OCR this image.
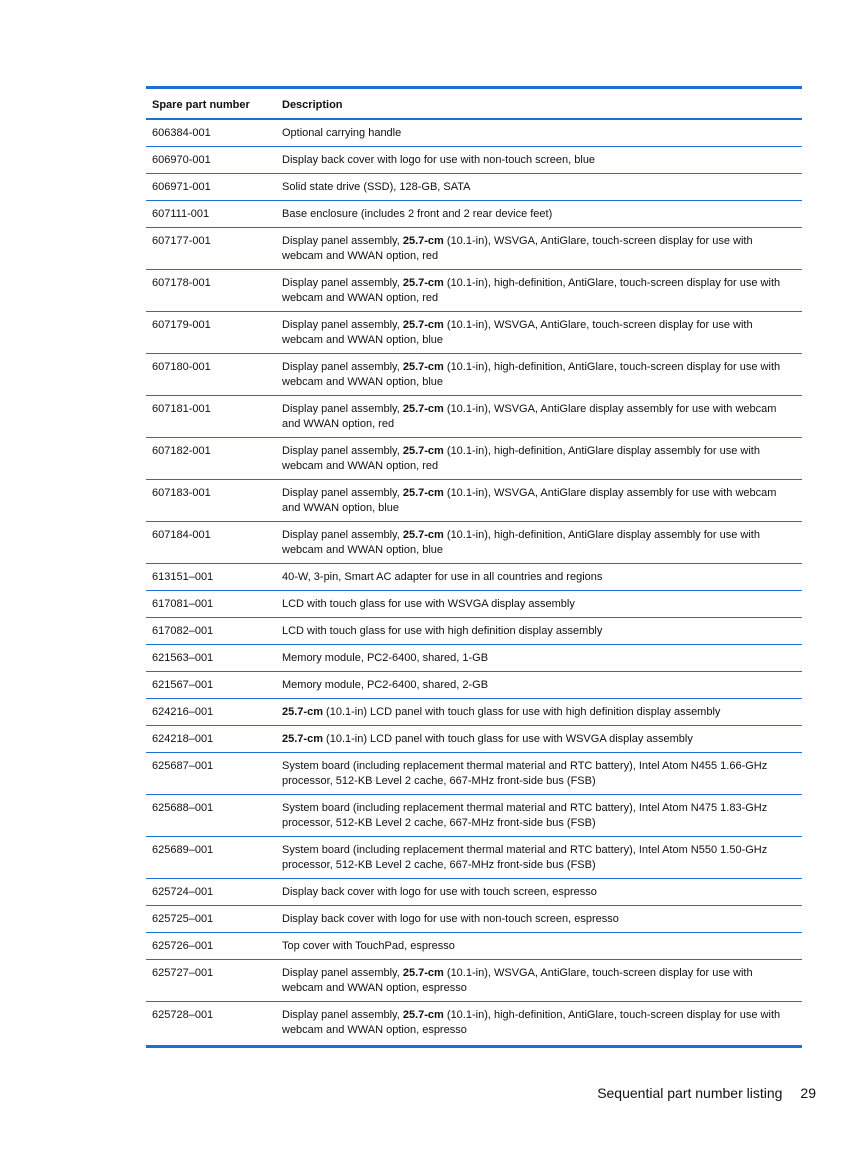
Spare part number	Description
606384-001	Optional carrying handle
606970-001	Display back cover with logo for use with non-touch screen, blue
606971-001	Solid state drive (SSD), 128-GB, SATA
607111-001	Base enclosure (includes 2 front and 2 rear device feet)
607177-001	Display panel assembly, 25.7-cm (10.1-in), WSVGA, AntiGlare, touch-screen display for use with webcam and WWAN option, red
607178-001	Display panel assembly, 25.7-cm (10.1-in), high-definition, AntiGlare, touch-screen display for use with webcam and WWAN option, red
607179-001	Display panel assembly, 25.7-cm (10.1-in), WSVGA, AntiGlare, touch-screen display for use with webcam and WWAN option, blue
607180-001	Display panel assembly, 25.7-cm (10.1-in), high-definition, AntiGlare, touch-screen display for use with webcam and WWAN option, blue
607181-001	Display panel assembly, 25.7-cm (10.1-in), WSVGA, AntiGlare display assembly for use with webcam and WWAN option, red
607182-001	Display panel assembly, 25.7-cm (10.1-in), high-definition, AntiGlare display assembly for use with webcam and WWAN option, red
607183-001	Display panel assembly, 25.7-cm (10.1-in), WSVGA, AntiGlare display assembly for use with webcam and WWAN option, blue
607184-001	Display panel assembly, 25.7-cm (10.1-in), high-definition, AntiGlare display assembly for use with webcam and WWAN option, blue
613151–001	40-W, 3-pin, Smart AC adapter for use in all countries and regions
617081–001	LCD with touch glass for use with WSVGA display assembly
617082–001	LCD with touch glass for use with high definition display assembly
621563–001	Memory module, PC2-6400, shared, 1-GB
621567–001	Memory module, PC2-6400, shared, 2-GB
624216–001	25.7-cm (10.1-in) LCD panel with touch glass for use with high definition display assembly
624218–001	25.7-cm (10.1-in) LCD panel with touch glass for use with WSVGA display assembly
625687–001	System board (including replacement thermal material and RTC battery), Intel Atom N455 1.66-GHz processor, 512-KB Level 2 cache, 667-MHz front-side bus (FSB)
625688–001	System board (including replacement thermal material and RTC battery), Intel Atom N475 1.83-GHz processor, 512-KB Level 2 cache, 667-MHz front-side bus (FSB)
625689–001	System board (including replacement thermal material and RTC battery), Intel Atom N550 1.50-GHz processor, 512-KB Level 2 cache, 667-MHz front-side bus (FSB)
625724–001	Display back cover with logo for use with touch screen, espresso
625725–001	Display back cover with logo for use with non-touch screen, espresso
625726–001	Top cover with TouchPad, espresso
625727–001	Display panel assembly, 25.7-cm (10.1-in), WSVGA, AntiGlare, touch-screen display for use with webcam and WWAN option, espresso
625728–001	Display panel assembly, 25.7-cm (10.1-in), high-definition, AntiGlare, touch-screen display for use with webcam and WWAN option, espresso
Sequential part number listing 29
